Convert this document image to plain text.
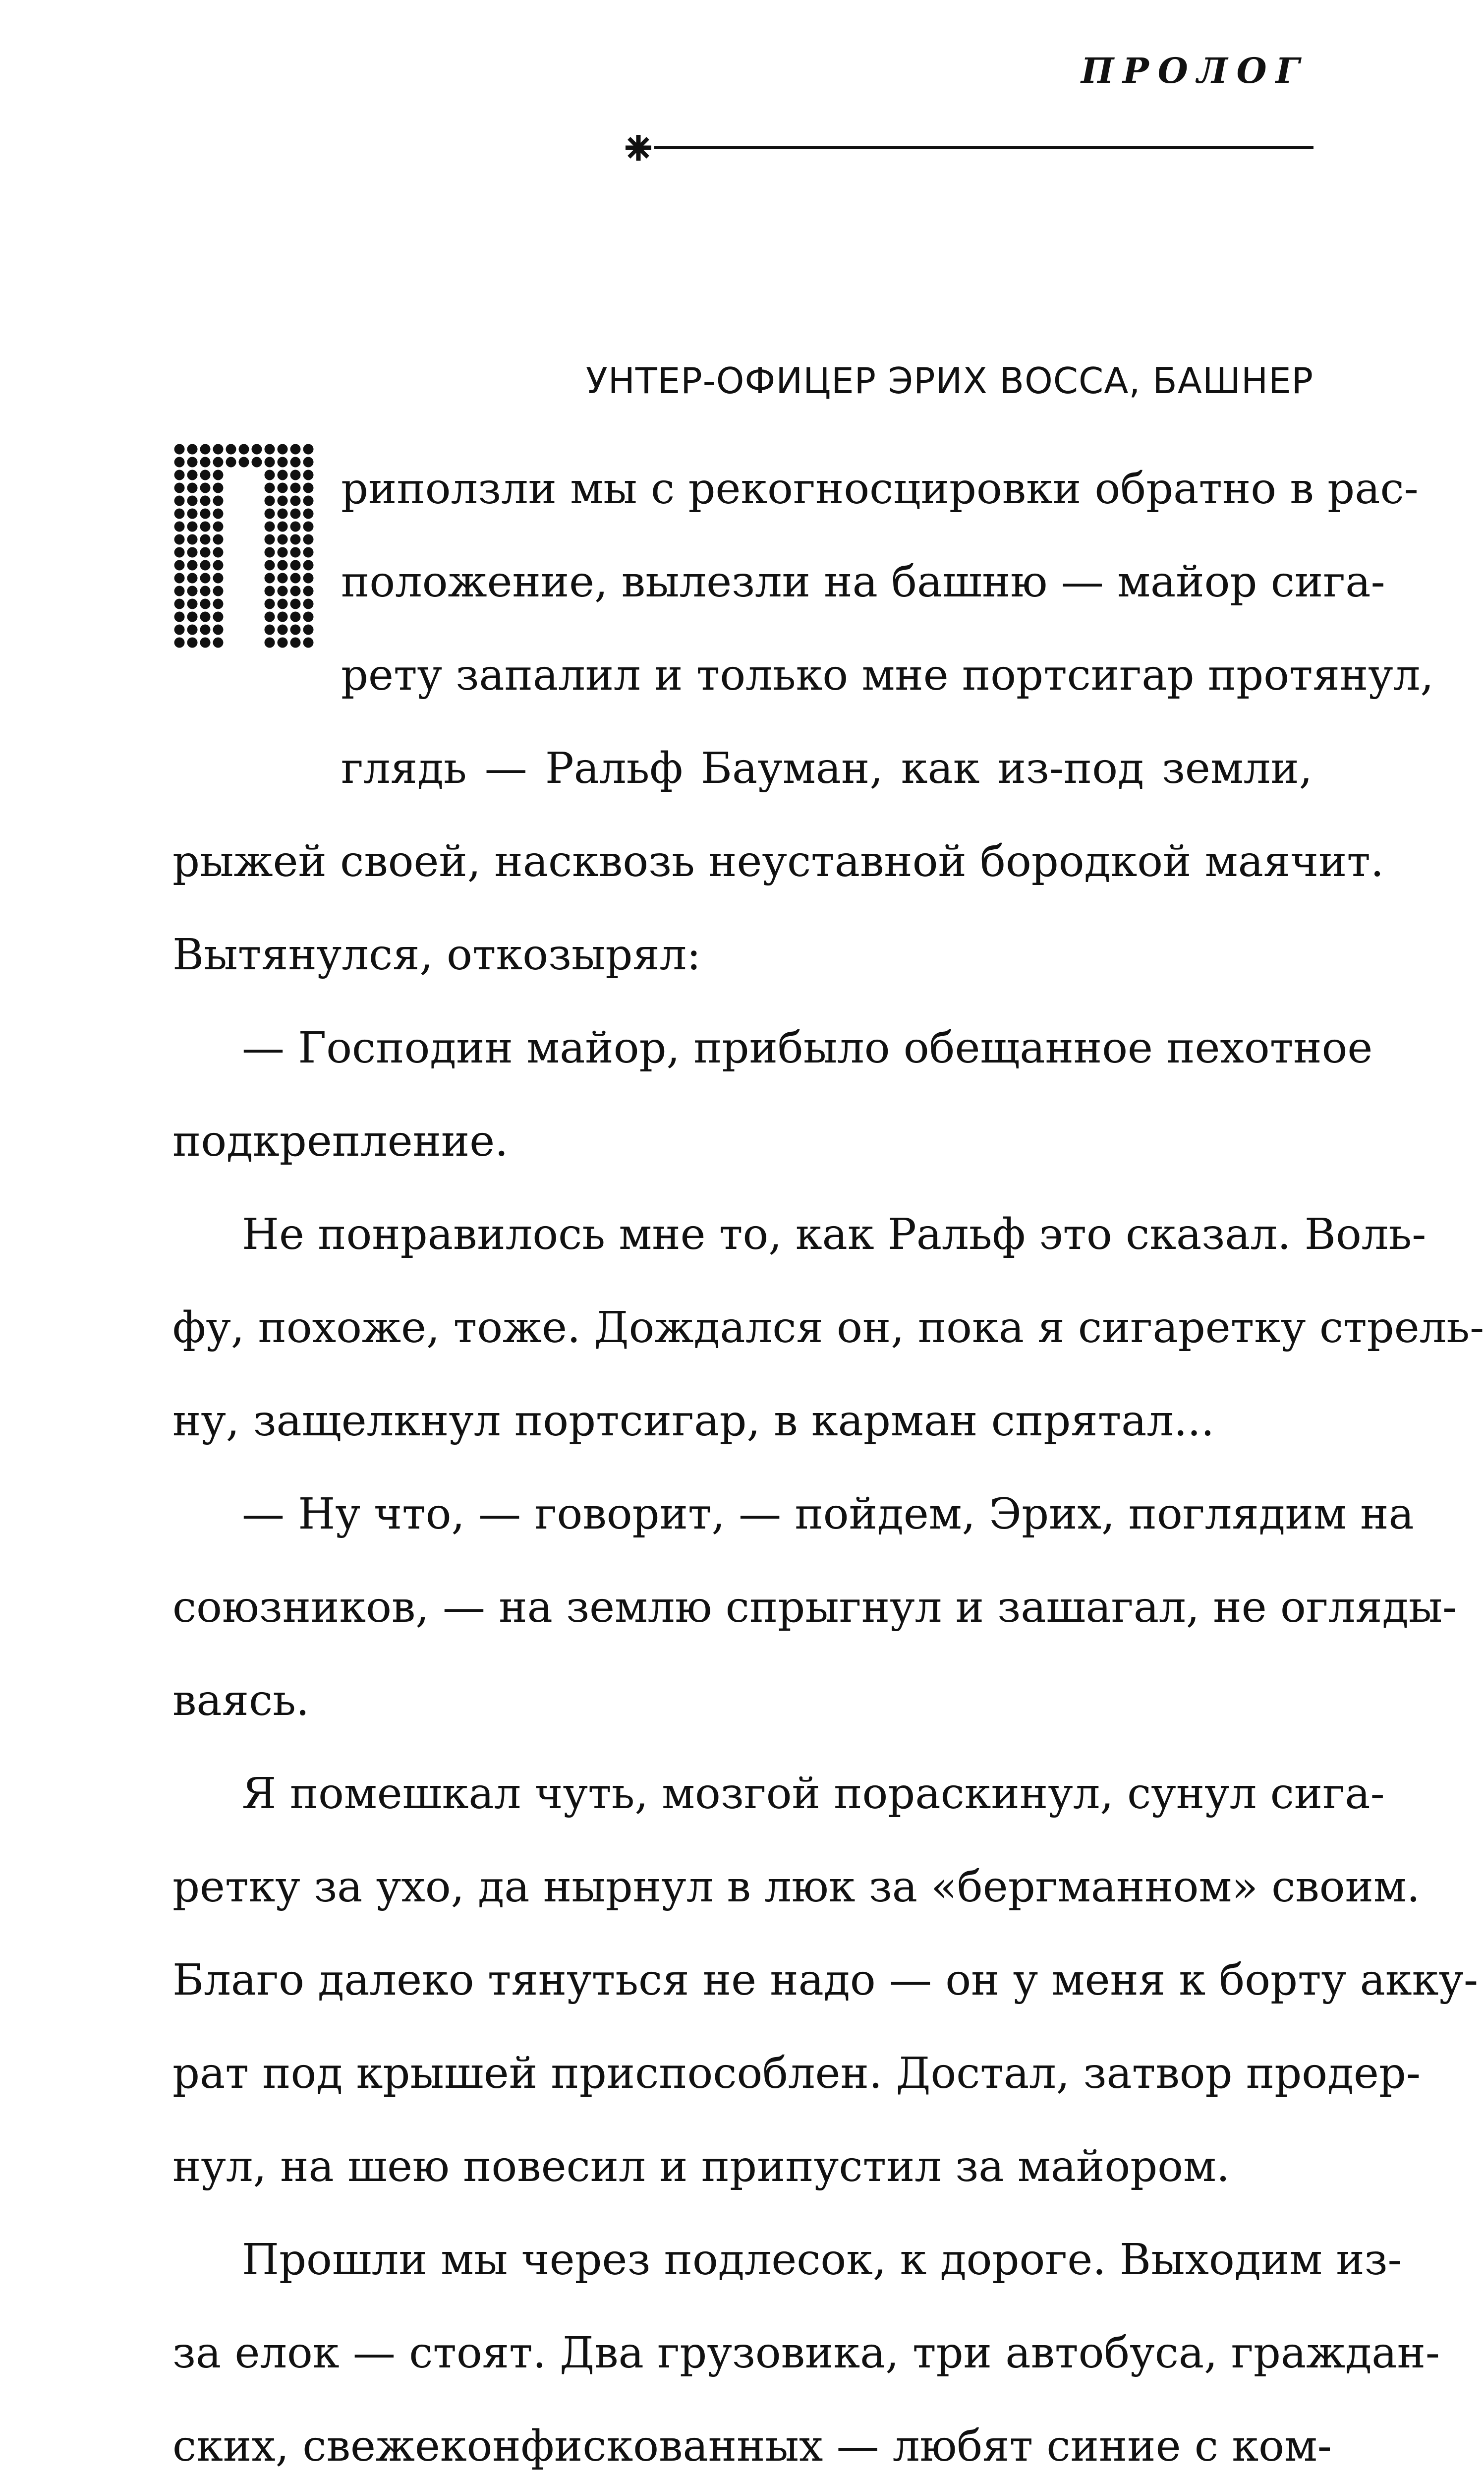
ПРОЛОГ
УНТЕР-ОФИЦЕР ЭРИХ ВОССА, БАШНЕР
риползли мы с рекогносцировки обратно в рас-
положение, вылезли на башню — майор сига-
рету запалил и только мне портсигар протянул,
глядь — Ральф Бауман, как из-под земли,
рыжей своей, насквозь неуставной бородкой маячит.
Вытянулся, откозырял:
— Господин майор, прибыло обещанное пехотное
подкрепление.
Не понравилось мне то, как Ральф это сказал. Воль-
фу, похоже, тоже. Дождался он, пока я сигаретку стрель-
ну, защелкнул портсигар, в карман спрятал...
— Ну что, — говорит, — пойдем, Эрих, поглядим на
союзников, — на землю спрыгнул и зашагал, не огляды-
ваясь.
Я помешкал чуть, мозгой пораскинул, сунул сига-
ретку за ухо, да нырнул в люк за «бергманном» своим.
Благо далеко тянуться не надо — он у меня к борту акку-
рат под крышей приспособлен. Достал, затвор продер-
нул, на шею повесил и припустил за майором.
Прошли мы через подлесок, к дороге. Выходим из-
за елок — стоят. Два грузовика, три автобуса, граждан-
ских, свежеконфискованных — любят синие с ком-
